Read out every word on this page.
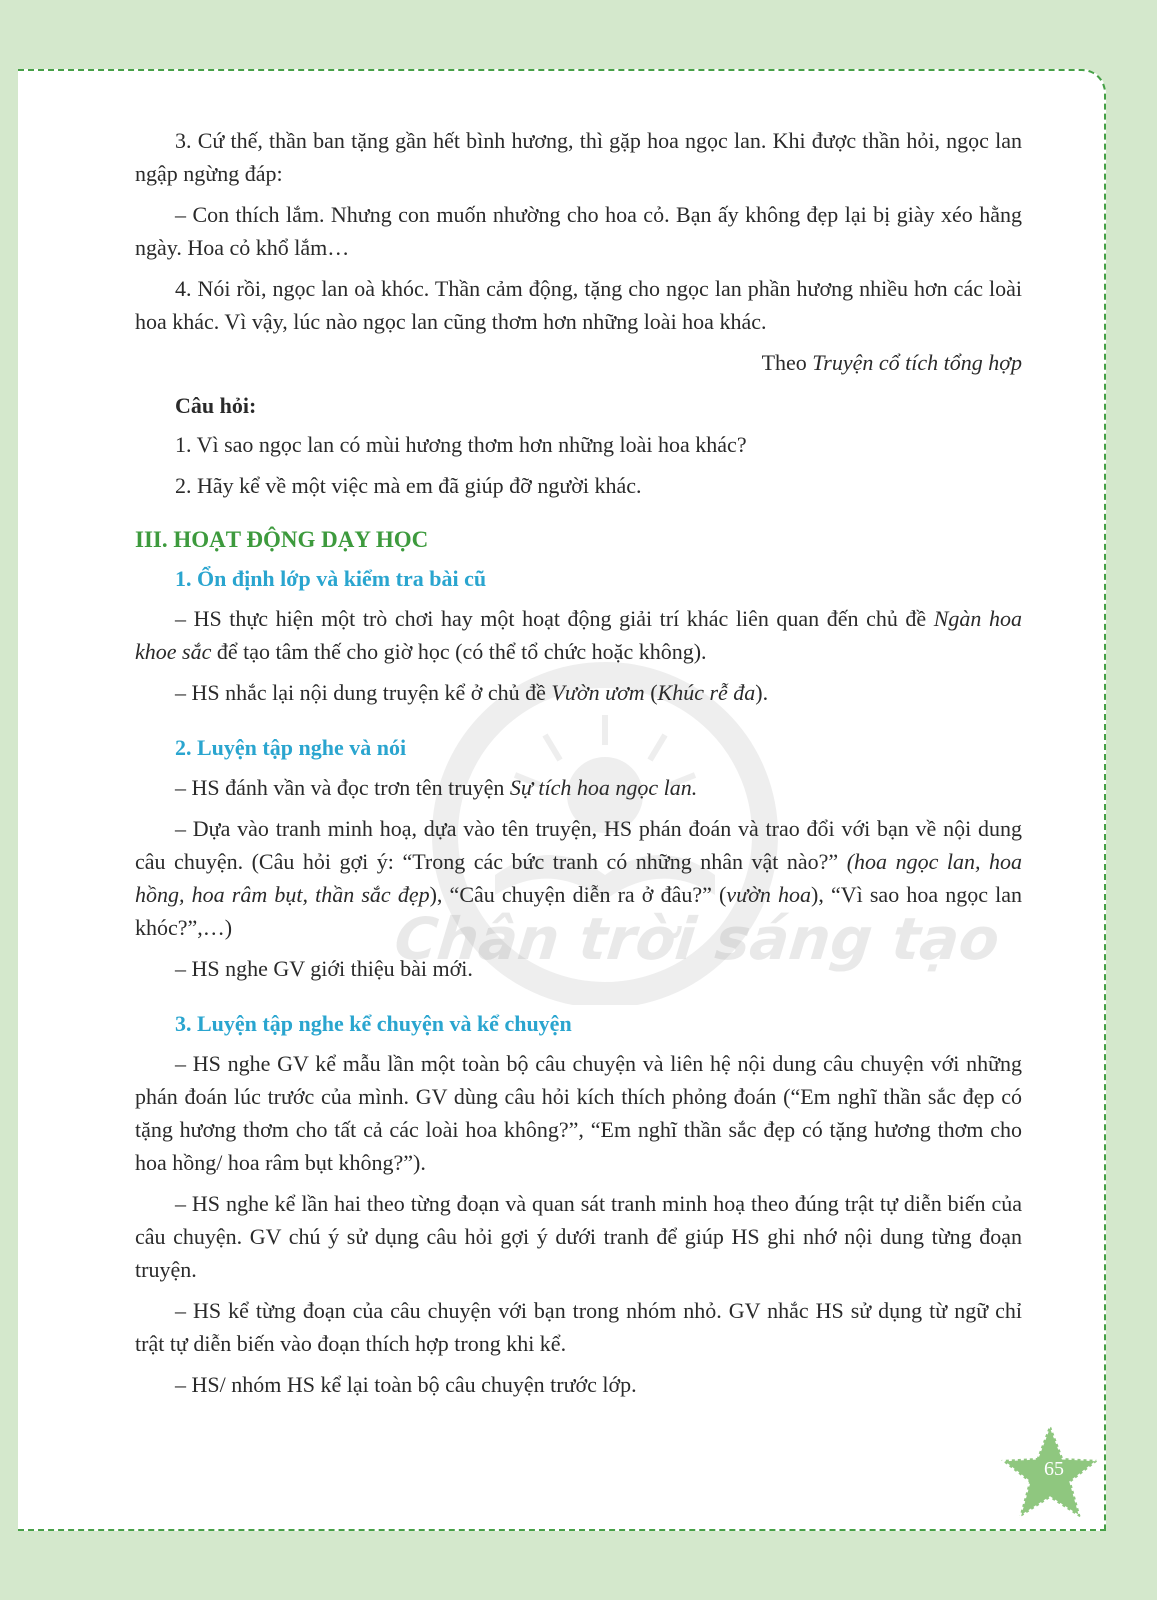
3. Cứ thế, thần ban tặng gần hết bình hương, thì gặp hoa ngọc lan. Khi được thần hỏi, ngọc lan ngập ngừng đáp:

– Con thích lắm. Nhưng con muốn nhường cho hoa cỏ. Bạn ấy không đẹp lại bị giày xéo hằng ngày. Hoa cỏ khổ lắm…

4. Nói rồi, ngọc lan oà khóc. Thần cảm động, tặng cho ngọc lan phần hương nhiều hơn các loài hoa khác. Vì vậy, lúc nào ngọc lan cũng thơm hơn những loài hoa khác.

Theo Truyện cổ tích tổng hợp

Câu hỏi:

1. Vì sao ngọc lan có mùi hương thơm hơn những loài hoa khác?

2. Hãy kể về một việc mà em đã giúp đỡ người khác.

III. HOẠT ĐỘNG DẠY HỌC
1. Ổn định lớp và kiểm tra bài cũ

– HS thực hiện một trò chơi hay một hoạt động giải trí khác liên quan đến chủ đề Ngàn hoa khoe sắc để tạo tâm thế cho giờ học (có thể tổ chức hoặc không).

– HS nhắc lại nội dung truyện kể ở chủ đề Vườn ươm (Khúc rễ đa).

2. Luyện tập nghe và nói

– HS đánh vần và đọc trơn tên truyện Sự tích hoa ngọc lan.

– Dựa vào tranh minh hoạ, dựa vào tên truyện, HS phán đoán và trao đổi với bạn về nội dung câu chuyện. (Câu hỏi gợi ý: “Trong các bức tranh có những nhân vật nào?” (hoa ngọc lan, hoa hồng, hoa râm bụt, thần sắc đẹp), “Câu chuyện diễn ra ở đâu?” (vườn hoa), “Vì sao hoa ngọc lan khóc?”,…)

– HS nghe GV giới thiệu bài mới.

3. Luyện tập nghe kể chuyện và kể chuyện

– HS nghe GV kể mẫu lần một toàn bộ câu chuyện và liên hệ nội dung câu chuyện với những phán đoán lúc trước của mình. GV dùng câu hỏi kích thích phỏng đoán (“Em nghĩ thần sắc đẹp có tặng hương thơm cho tất cả các loài hoa không?”, “Em nghĩ thần sắc đẹp có tặng hương thơm cho hoa hồng/ hoa râm bụt không?”).

– HS nghe kể lần hai theo từng đoạn và quan sát tranh minh hoạ theo đúng trật tự diễn biến của câu chuyện. GV chú ý sử dụng câu hỏi gợi ý dưới tranh để giúp HS ghi nhớ nội dung từng đoạn truyện.

– HS kể từng đoạn của câu chuyện với bạn trong nhóm nhỏ. GV nhắc HS sử dụng từ ngữ chỉ trật tự diễn biến vào đoạn thích hợp trong khi kể.

– HS/ nhóm HS kể lại toàn bộ câu chuyện trước lớp.

65
